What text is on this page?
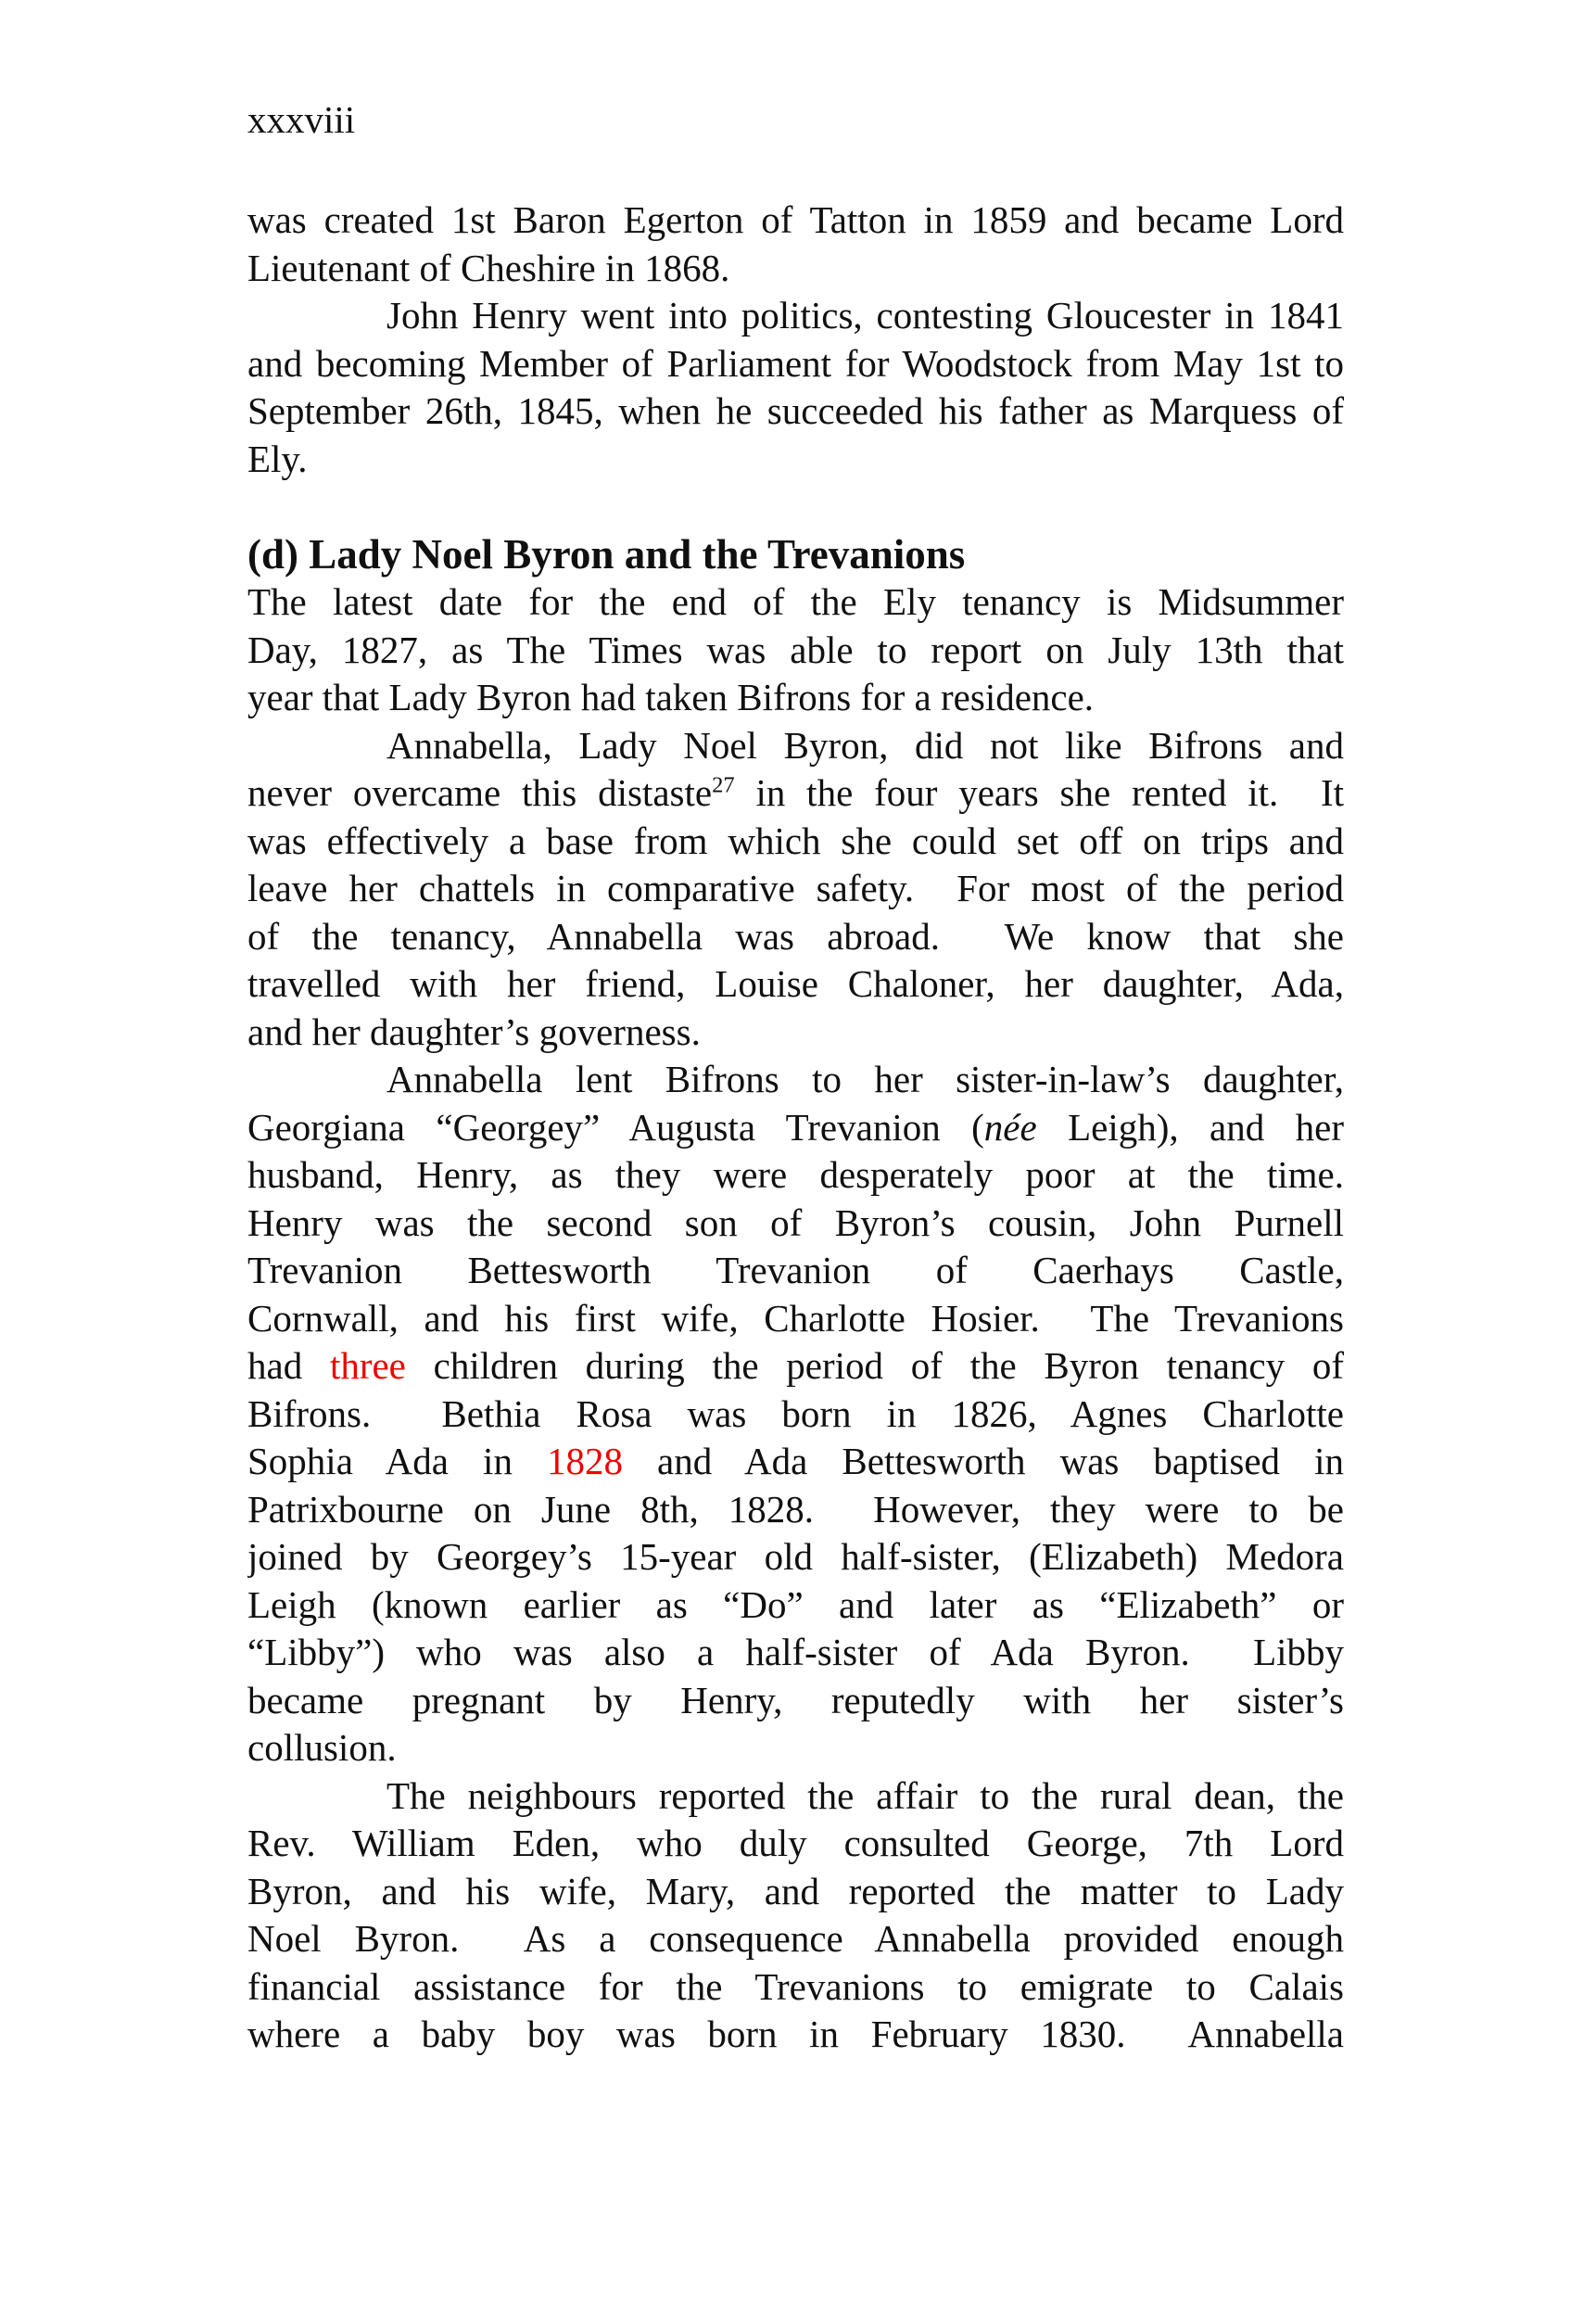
xxxviii
was created 1st Baron Egerton of Tatton in 1859 and became Lord
Lieutenant of Cheshire in 1868.
John Henry went into politics, contesting Gloucester in 1841
and becoming Member of Parliament for Woodstock from May 1st to
September 26th, 1845, when he succeeded his father as Marquess of
Ely.
(d) Lady Noel Byron and the Trevanions
The latest date for the end of the Ely tenancy is Midsummer
Day, 1827, as The Times was able to report on July 13th that
year that Lady Byron had taken Bifrons for a residence.
Annabella, Lady Noel Byron, did not like Bifrons and
never overcame this distaste$^{27}$ in the four years she rented it.  It
was effectively a base from which she could set off on trips and
leave her chattels in comparative safety.  For most of the period
of the tenancy, Annabella was abroad.  We know that she
travelled with her friend, Louise Chaloner, her daughter, Ada,
and her daughter’s governess.
Annabella lent Bifrons to her sister-in-law’s daughter,
Georgiana “Georgey” Augusta Trevanion (née Leigh), and her
husband, Henry, as they were desperately poor at the time.
Henry was the second son of Byron’s cousin, John Purnell
Trevanion Bettesworth Trevanion of Caerhays Castle,
Cornwall, and his first wife, Charlotte Hosier.  The Trevanions
had three children during the period of the Byron tenancy of
Bifrons.  Bethia Rosa was born in 1826, Agnes Charlotte
Sophia Ada in 1828 and Ada Bettesworth was baptised in
Patrixbourne on June 8th, 1828.  However, they were to be
joined by Georgey’s 15-year old half-sister, (Elizabeth) Medora
Leigh (known earlier as “Do” and later as “Elizabeth” or
“Libby”) who was also a half-sister of Ada Byron.  Libby
became pregnant by Henry, reputedly with her sister’s
collusion.
The neighbours reported the affair to the rural dean, the
Rev. William Eden, who duly consulted George, 7th Lord
Byron, and his wife, Mary, and reported the matter to Lady
Noel Byron.  As a consequence Annabella provided enough
financial assistance for the Trevanions to emigrate to Calais
where a baby boy was born in February 1830.  Annabella
